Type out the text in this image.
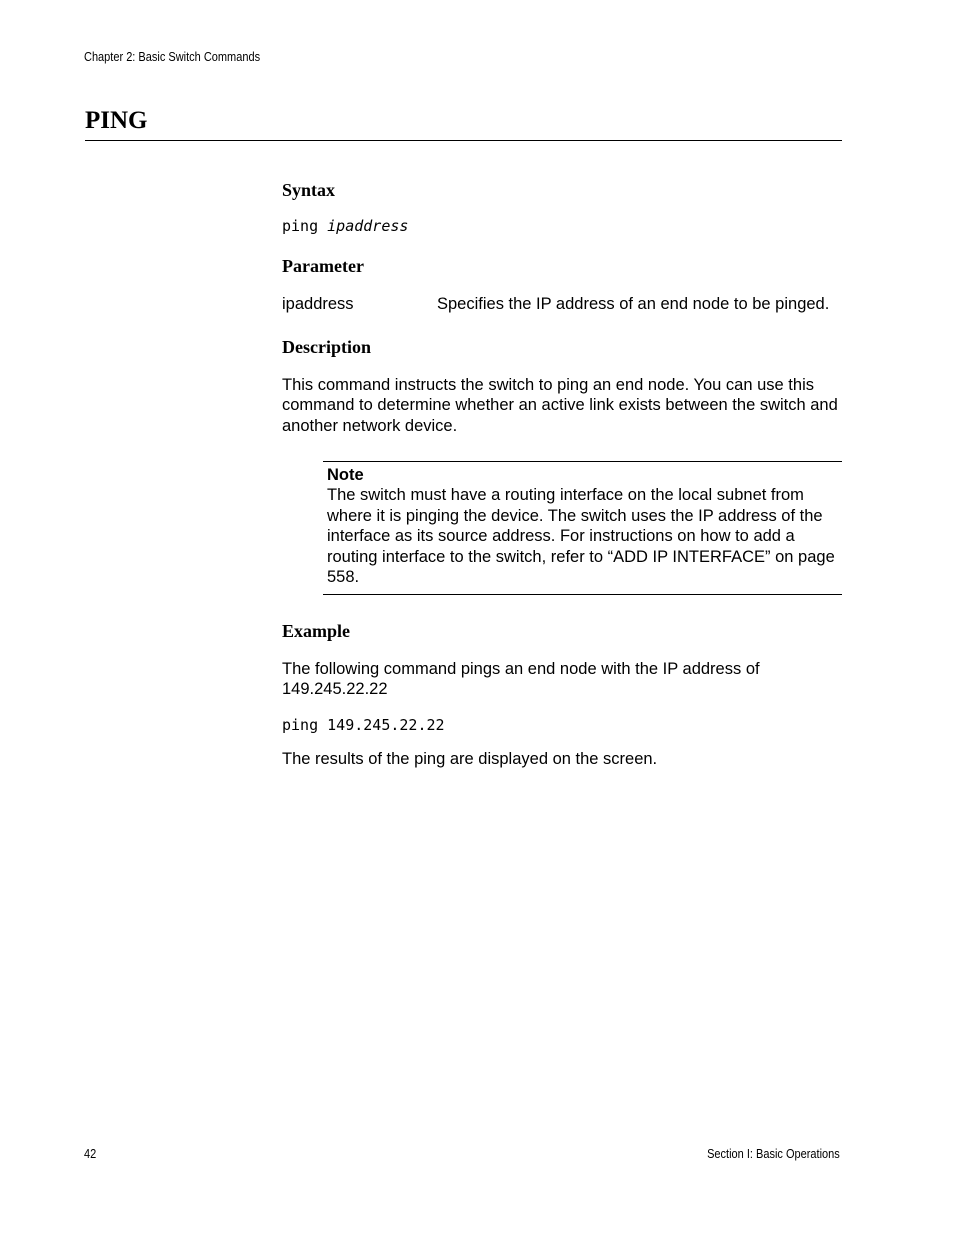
Chapter 2: Basic Switch Commands
PING
Syntax
ping ipaddress
Parameter
ipaddress	Specifies the IP address of an end node to be pinged.
Description

This command instructs the switch to ping an end node. You can use this command to determine whether an active link exists between the switch and another network device.

Note

The switch must have a routing interface on the local subnet from where it is pinging the device. The switch uses the IP address of the interface as its source address. For instructions on how to add a routing interface to the switch, refer to “ADD IP INTERFACE” on page 558.

Example

The following command pings an end node with the IP address of 149.245.22.22

ping 149.245.22.22

The results of the ping are displayed on the screen.

42	Section I: Basic Operations
